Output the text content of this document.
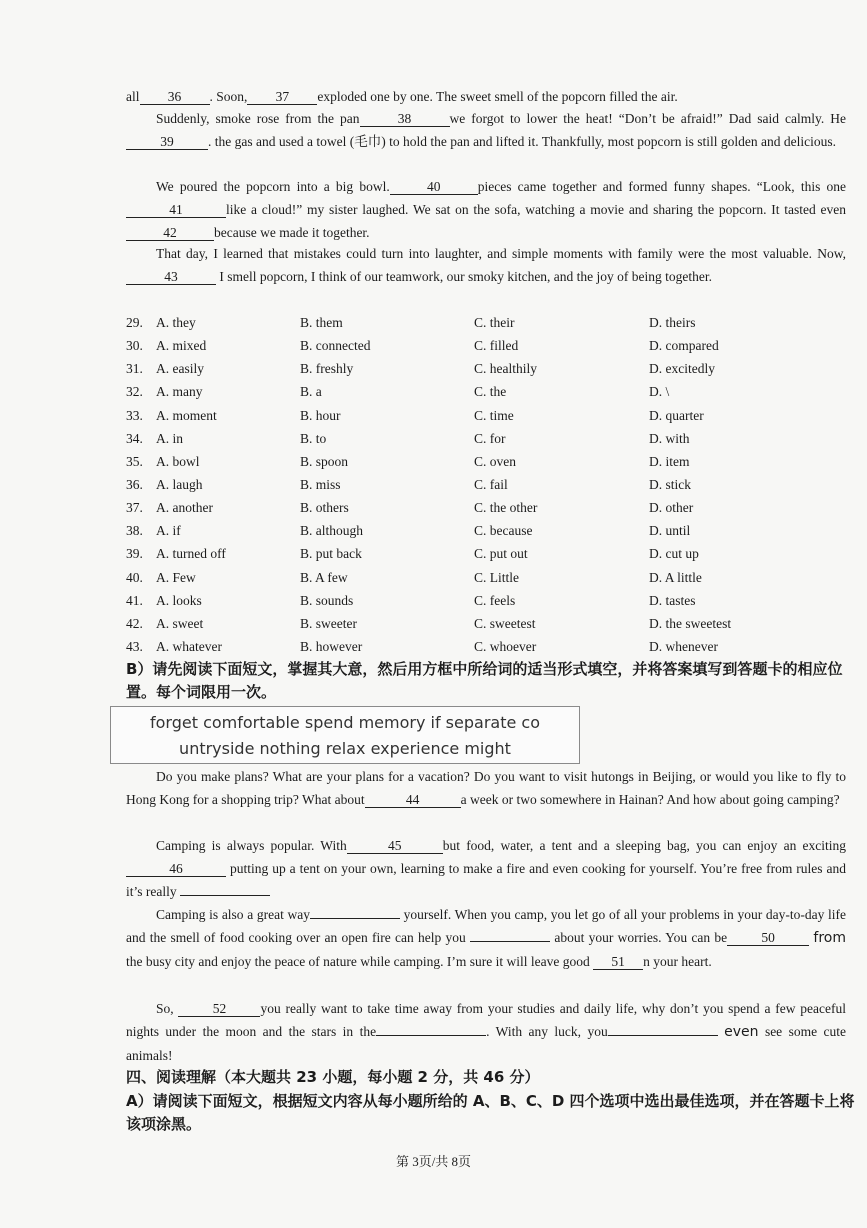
all 36 . Soon, 37 exploded one by one. The sweet smell of the popcorn filled the air.
Suddenly, smoke rose from the pan	38	we forgot to lower the heat! “Don’t be afraid!” Dad said calmly. He 39	. the gas and used a towel (毛巾) to hold the pan and lifted it. Thankfully, most popcorn is still golden and delicious.
We poured the popcorn into a big bowl.	40	pieces came together and formed funny shapes. “Look, this one41	like a cloud!” my sister laughed. We sat on the sofa, watching a movie and sharing the popcorn. It tasted even42	because we made it together.
That day, I learned that mistakes could turn into laughter, and simple moments with family were the most valuable. Now, 43	I smell popcorn, I think of our teamwork, our smoky kitchen, and the joy of being together.
29. A. they	B. them	C. their	D. theirs
30. A. mixed	B. connected	C. filled	D. compared
31. A. easily	B. freshly	C. healthily	D. excitedly
32. A. many	B. a	C. the	D. \
33. A. moment	B. hour	C. time	D. quarter
34. A. in	B. to	C. for	D. with
35. A. bowl	B. spoon	C. oven	D. item
36. A. laugh	B. miss	C. fail	D. stick
37. A. another	B. others	C. the other	D. other
38. A. if	B. although	C. because	D. until
39. A. turned off	B. put back	C. put out	D. cut up
40. A. Few	B. A few	C. Little	D. A little
41. A. looks	B. sounds	C. feels	D. tastes
42. A. sweet	B. sweeter	C. sweetest	D. the sweetest
43. A. whatever	B. however	C. whoever	D. whenever
B）请先阅读下面短文，掌握其大意，然后用方框中所给词的适当形式填空，并将答案填写到答题卡的相应位置。每个词限用一次。
forget comfortable spend memory if separate co
untryside nothing relax experience might
Do you make plans? What are your plans for a vacation? Do you want to visit hutongs in Beijing, or would you like to fly to Hong Kong for a shopping trip? What about	44	a week or two somewhere in Hainan? And how about going camping?
Camping is always popular. With	45	but food, water, a tent and a sleeping bag, you can enjoy an exciting 46	putting up a tent on your own, learning to make a fire and even cooking for yourself. You’re free from rules and it’s really
Camping is also a great way	yourself. When you camp, you let go of all your problems in your day-to-day life and the smell of food cooking over an open fire can help you	about your worries. You can be	50	from the busy city and enjoy the peace of nature while camping. I’m sure it will leave good 51 n your heart.
So,	52	you really want to take time away from your studies and daily life, why don’t you spend a few peaceful nights under the moon and the stars in the	. With any luck, you	even see some cute animals!
四、阅读理解（本大题共 23 小题，每小题 2 分，共 46 分）
A）请阅读下面短文，根据短文内容从每小题所给的 A、B、C、D 四个选项中选出最佳选项，并在答题卡上将该项涂黑。
第 3页/共 8页
